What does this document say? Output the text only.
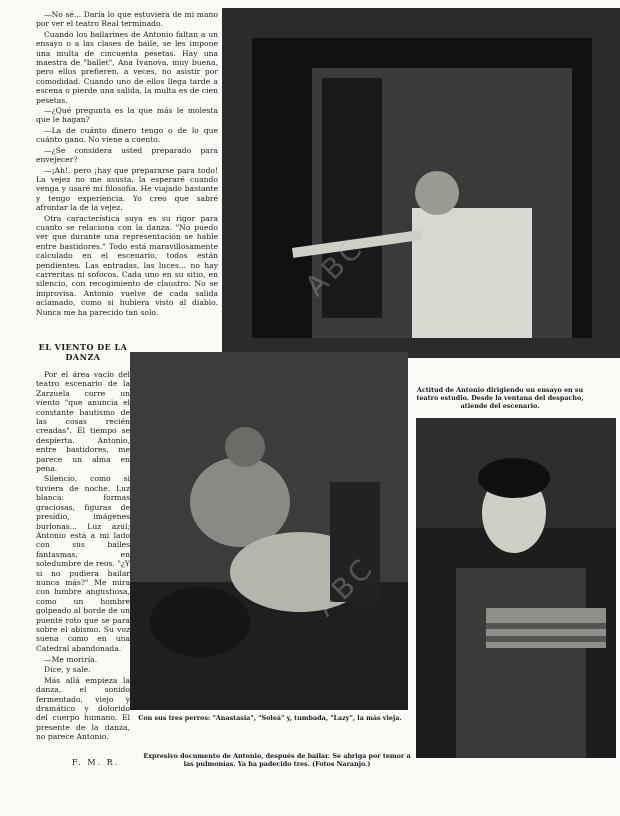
—No sé... Daría lo que estuviera de mi mano por ver el teatro Real terminado.

Cuando los bailarines de Antonio faltan a un ensayo o a las clases de baile, se les impone una multa de cincuenta pesetas. Hay una maestra de "ballet", Ana Ivanova, muy buena, pero ellos prefieren, a veces, no asistir por comodidad. Cuando uno de ellos llega tarde a escena o pierde una salida, la multa es de cien pesetas.

—¿Qué pregunta es la que más le molesta que le hagan?

—La de cuánto dinero tengo o de lo que cuánto gano. No viene a cuento.

—¿Se considera usted preparado para envejecer?

—¡Ah!, pero ¡hay que prepararse para todo! La vejez no me asusta, la esperaré cuando venga y usaré mi filosofía. He viajado bastante y tengo experiencia. Yo creo que sabré afrontar la de la vejez.

Otra característica suya es su rigor para cuanto se relaciona con la danza. "No puedo ver que durante una representación se hable entre bastidores." Todo está maravillosamente calculado en el escenario, todos están pendientes. Las entradas, las luces... no hay carreritas ni sofocos. Cada uno en su sitio, en silencio, con recogimiento de claustro. No se improvisa. Antonio vuelve de cada salida aclamado, como si hubiera visto al diablo. Nunca me ha parecido tan solo.

EL VIENTO DE LA DANZA

Por el área vacío del teatro escenario de la Zarzuela corre un viento "que anuncia el constante bautismo de las cosas recién creadas". El tiempo se despierta. Antonio, entre bastidores, me parece un alma en pena.

Silencio, como si tuviera de noche. Luz blanca: formas graciosas, figuras de presidio, imágenes burlonas... Luz azul; Antonio está a mi lado con sus bailes fantasmas, en soledumbre de reos. "¿Y si no pudiera bailar nunca más?" Me mira con lumbre angustiosa, como un hombre golpeado al borde de un puente roto que se para sobre el abismo. Su voz suena como en una Catedral abandonada.

—Me moriría.

Dice, y sale.

Más allá empieza la danza, el sonido fermentado, viejo y dramático y dolorido del cuerpo humano. El presente de la danza, no parece Antonio.

F. M. R.
Actitud de Antonio dirigiendo un ensayo en su teatro estudio. Desde la ventana del despacho, atiende del escenario.
Con sus tres perros: "Anastasia", "Soleá" y, tumbada, "Lazy", la más vieja.
Expresivo documento de Antonio, después de bailar. Se abriga por temor a las pulmonías. Ya ha padecido tres. (Fotos Naranjo.)
ABC
ABC
